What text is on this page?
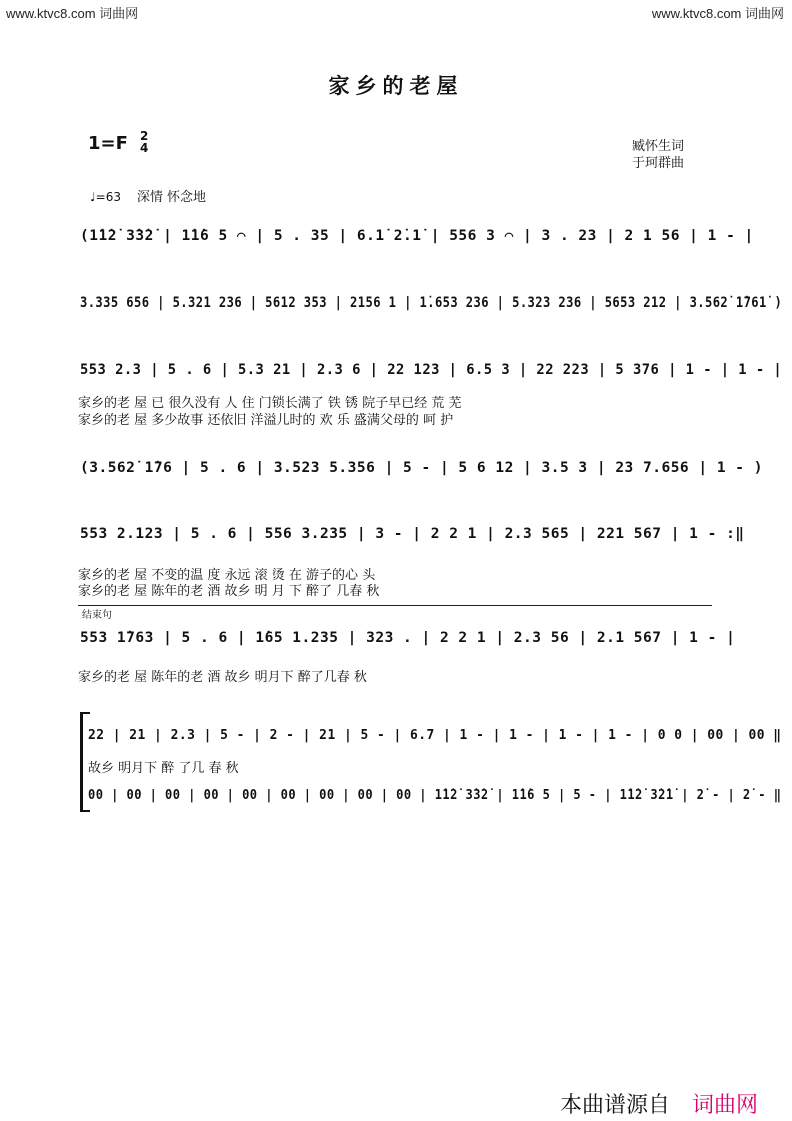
www.ktvc8.com 词曲网	www.ktvc8.com 词曲网
家乡的老屋
1=F 2
4	臧怀生词
于珂群曲
♩=63 深情 怀念地
(1̇1̇2̇ 3̇3̇2̇ | 1̇1̇6 5 ⌒ | 5 . 35 | 6.1̇ 2̇.1̇ | 556 3 ⌒ | 3 . 23 | 2 1 56 | 1 - |
3.335 656 | 5.321 236 | 5612 353 | 2156 1 | 1̇.653 236 | 5.323 236 | 5653 212 | 3.562̇ 1̇761̇ )
553 2.3 | 5 . 6 | 5.3 21 | 2.3 6 | 22 123 | 6.5 3 | 22 223 | 5 376 | 1 - | 1 - |
家乡的老 屋 已 很久没有 人 住 门锁长满了 铁 锈 院子早已经 荒 芜
家乡的老 屋 多少故事 还依旧 洋溢儿时的 欢 乐 盛满父母的 呵 护
(3.562̇ 1̇76 | 5 . 6 | 3.523 5.356 | 5 - | 5 6 12 | 3.5 3 | 23 7.656 | 1 - )
553 2.123 | 5 . 6 | 556 3.235 | 3 - | 2 2 1 | 2.3 565 | 221 567 | 1 - :‖
家乡的老 屋 不变的温 度 永远 滚 烫 在 游子的心 头
家乡的老 屋 陈年的老 酒 故乡 明 月 下 醉了 几春 秋
结束句
553 1̇763 | 5 . 6 | 1̇65 1.235 | 323 . | 2 2 1 | 2.3 56 | 2.1 567 | 1 - |
家乡的老 屋 陈年的老 酒 故乡 明月下 醉了几春 秋
22 | 21 | 2.3 | 5 - | 2 - | 21 | 5 - | 6.7 | 1 - | 1 - | 1 - | 1 - | 0 0 | 00 | 00 ‖
故乡 明月下 醉 了几 春 秋
00 | 00 | 00 | 00 | 00 | 00 | 00 | 00 | 00 | 1̇1̇2̇ 3̇3̇2̇ | 1̇1̇6 5 | 5 - | 1̇1̇2̇ 3̇2̇1̇ | 2̇ - | 2̇ - ‖
本曲谱源自 词曲网
